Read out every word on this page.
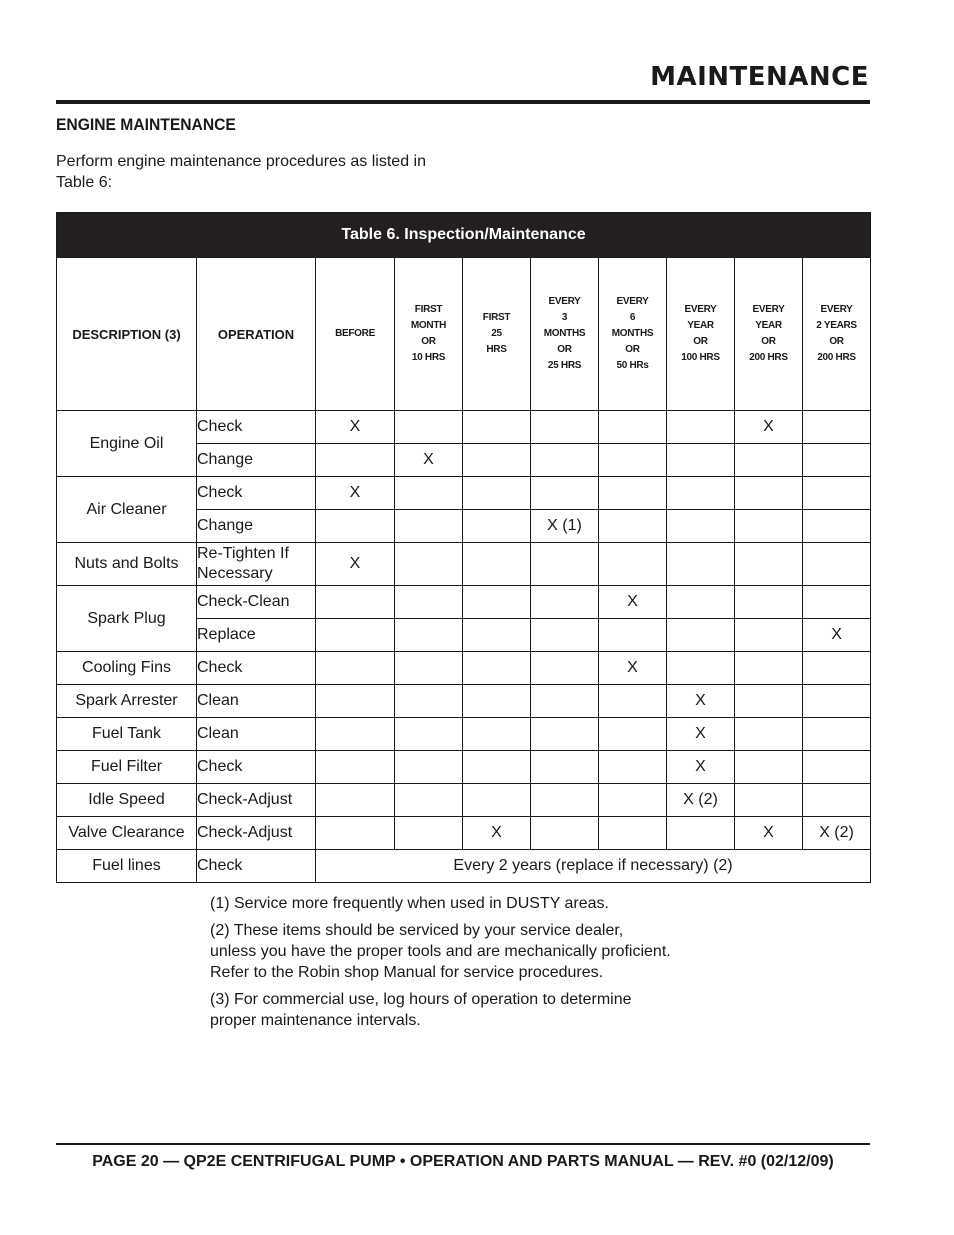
MAINTENANCE
ENGINE MAINTENANCE
Perform engine maintenance procedures as listed in
Table 6:
Table 6. Inspection/Maintenance									
DESCRIPTION (3)	OPERATION	BEFORE	FIRST
MONTH
OR
10 HRS	FIRST
25
HRS	EVERY
3
MONTHS
OR
25 HRS	EVERY
6
MONTHS
OR
50 HRs	EVERY
YEAR
OR
100 HRS	EVERY
YEAR
OR
200 HRS	EVERY
2 YEARS
OR
200 HRS

Engine Oil	Check	X						X	
	Change		X						
Air Cleaner	Check	X							
	Change				X (1)				
Nuts and Bolts	Re-Tighten If
Necessary	X							
Spark Plug	Check-Clean					X			
	Replace								X
Cooling Fins	Check					X			
Spark Arrester	Clean						X		
Fuel Tank	Clean						X		
Fuel Filter	Check						X		
Idle Speed	Check-Adjust						X (2)		
Valve Clearance	Check-Adjust			X				X	X (2)
Fuel lines	Check	Every 2 years (replace if necessary) (2)							

(1) Service more frequently when used in DUSTY areas.

(2) These items should be serviced by your service dealer,
unless you have the proper tools and are mechanically proficient.
Refer to the Robin shop Manual for service procedures.

(3) For commercial use, log hours of operation to determine
proper maintenance intervals.

PAGE 20 — QP2E CENTRIFUGAL PUMP • OPERATION AND PARTS MANUAL — REV. #0 (02/12/09)
